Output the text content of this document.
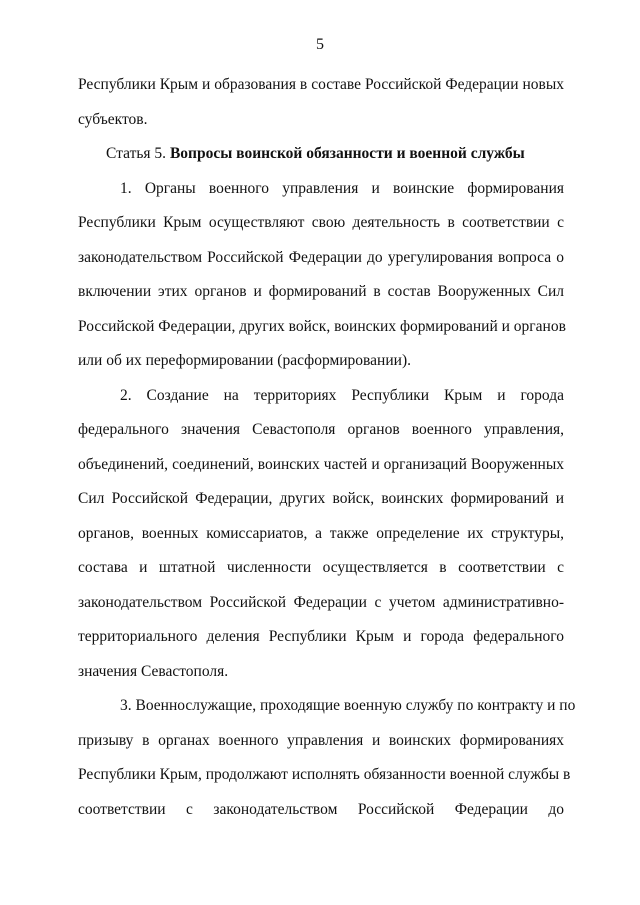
5
Республики Крым и образования в составе Российской Федерации новых
субъектов.
Статья 5. Вопросы воинской обязанности и военной службы
1. Органы военного управления и воинские формирования
Республики Крым осуществляют свою деятельность в соответствии с
законодательством Российской Федерации до урегулирования вопроса о
включении этих органов и формирований в состав Вооруженных Сил
Российской Федерации, других войск, воинских формирований и органов
или об их переформировании (расформировании).
2. Создание на территориях Республики Крым и города
федерального значения Севастополя органов военного управления,
объединений, соединений, воинских частей и организаций Вооруженных
Сил Российской Федерации, других войск, воинских формирований и
органов, военных комиссариатов, а также определение их структуры,
состава и штатной численности осуществляется в соответствии с
законодательством Российской Федерации с учетом административно-
территориального деления Республики Крым и города федерального
значения Севастополя.
3. Военнослужащие, проходящие военную службу по контракту и по
призыву в органах военного управления и воинских формированиях
Республики Крым, продолжают исполнять обязанности военной службы в
соответствии с законодательством Российской Федерации до
